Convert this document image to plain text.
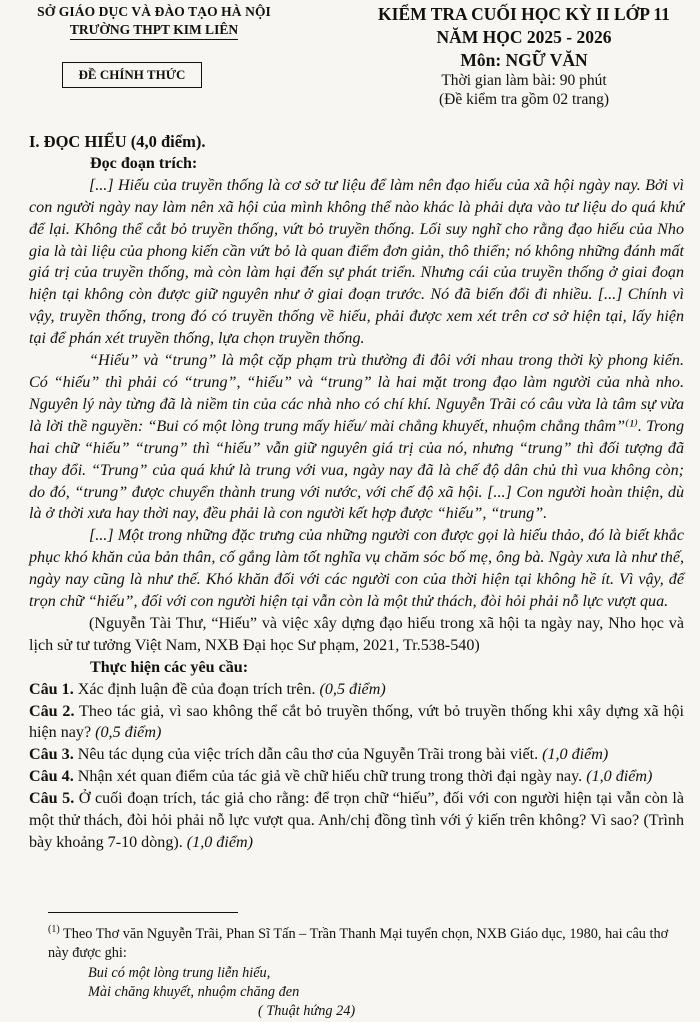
SỞ GIÁO DỤC VÀ ĐÀO TẠO HÀ NỘI
TRƯỜNG THPT KIM LIÊN
ĐỀ CHÍNH THỨC
KIỂM TRA CUỐI HỌC KỲ II LỚP 11
NĂM HỌC 2025 - 2026
Môn: NGỮ VĂN
Thời gian làm bài: 90 phút
(Đề kiểm tra gồm 02 trang)
I. ĐỌC HIỂU (4,0 điểm).
Đọc đoạn trích:

[...] Hiếu của truyền thống là cơ sở tư liệu để làm nên đạo hiếu của xã hội ngày nay. Bởi vì con người ngày nay làm nên xã hội của mình không thể nào khác là phải dựa vào tư liệu do quá khứ để lại. Không thể cắt bỏ truyền thống, vứt bỏ truyền thống. Lối suy nghĩ cho rằng đạo hiếu của Nho gia là tài liệu của phong kiến cần vứt bỏ là quan điểm đơn giản, thô thiển; nó không những đánh mất giá trị của truyền thống, mà còn làm hại đến sự phát triển. Nhưng cái của truyền thống ở giai đoạn hiện tại không còn được giữ nguyên như ở giai đoạn trước. Nó đã biến đổi đi nhiều. [...] Chính vì vậy, truyền thống, trong đó có truyền thống về hiếu, phải được xem xét trên cơ sở hiện tại, lấy hiện tại để phán xét truyền thống, lựa chọn truyền thống.

“Hiếu” và “trung” là một cặp phạm trù thường đi đôi với nhau trong thời kỳ phong kiến. Có “hiếu” thì phải có “trung”, “hiếu” và “trung” là hai mặt trong đạo làm người của nhà nho. Nguyên lý này từng đã là niềm tin của các nhà nho có chí khí. Nguyễn Trãi có câu vừa là tâm sự vừa là lời thề nguyền: “Bui có một lòng trung mấy hiếu/ mài chẳng khuyết, nhuộm chẳng thâm”⁽¹⁾. Trong hai chữ “hiếu” “trung” thì “hiếu” vẫn giữ nguyên giá trị của nó, nhưng “trung” thì đối tượng đã thay đổi. “Trung” của quá khứ là trung với vua, ngày nay đã là chế độ dân chủ thì vua không còn; do đó, “trung” được chuyển thành trung với nước, với chế độ xã hội. [...] Con người hoàn thiện, dù là ở thời xưa hay thời nay, đều phải là con người kết hợp được “hiếu”, “trung”.

[...] Một trong những đặc trưng của những người con được gọi là hiếu thảo, đó là biết khắc phục khó khăn của bản thân, cố gắng làm tốt nghĩa vụ chăm sóc bố mẹ, ông bà. Ngày xưa là như thế, ngày nay cũng là như thế. Khó khăn đối với các người con của thời hiện tại không hề ít. Vì vậy, để trọn chữ “hiếu”, đối với con người hiện tại vẫn còn là một thử thách, đòi hỏi phải nỗ lực vượt qua.

(Nguyễn Tài Thư, “Hiếu” và việc xây dựng đạo hiếu trong xã hội ta ngày nay, Nho học và lịch sử tư tưởng Việt Nam, NXB Đại học Sư phạm, 2021, Tr.538-540)

Thực hiện các yêu cầu:

Câu 1. Xác định luận đề của đoạn trích trên. (0,5 điểm)

Câu 2. Theo tác giả, vì sao không thể cắt bỏ truyền thống, vứt bỏ truyền thống khi xây dựng xã hội hiện nay? (0,5 điểm)

Câu 3. Nêu tác dụng của việc trích dẫn câu thơ của Nguyễn Trãi trong bài viết. (1,0 điểm)

Câu 4. Nhận xét quan điểm của tác giả về chữ hiếu chữ trung trong thời đại ngày nay. (1,0 điểm)

Câu 5. Ở cuối đoạn trích, tác giả cho rằng: để trọn chữ “hiếu”, đối với con người hiện tại vẫn còn là một thử thách, đòi hỏi phải nỗ lực vượt qua. Anh/chị đồng tình với ý kiến trên không? Vì sao? (Trình bày khoảng 7-10 dòng). (1,0 điểm)

$^{(1)}$ Theo Thơ văn Nguyễn Trãi, Phan Sĩ Tấn – Trần Thanh Mại tuyển chọn, NXB Giáo dục, 1980, hai câu thơ này được ghi:
Bui có một lòng trung liễn hiếu,
Mài chăng khuyết, nhuộm chăng đen
( Thuật hứng 24)
